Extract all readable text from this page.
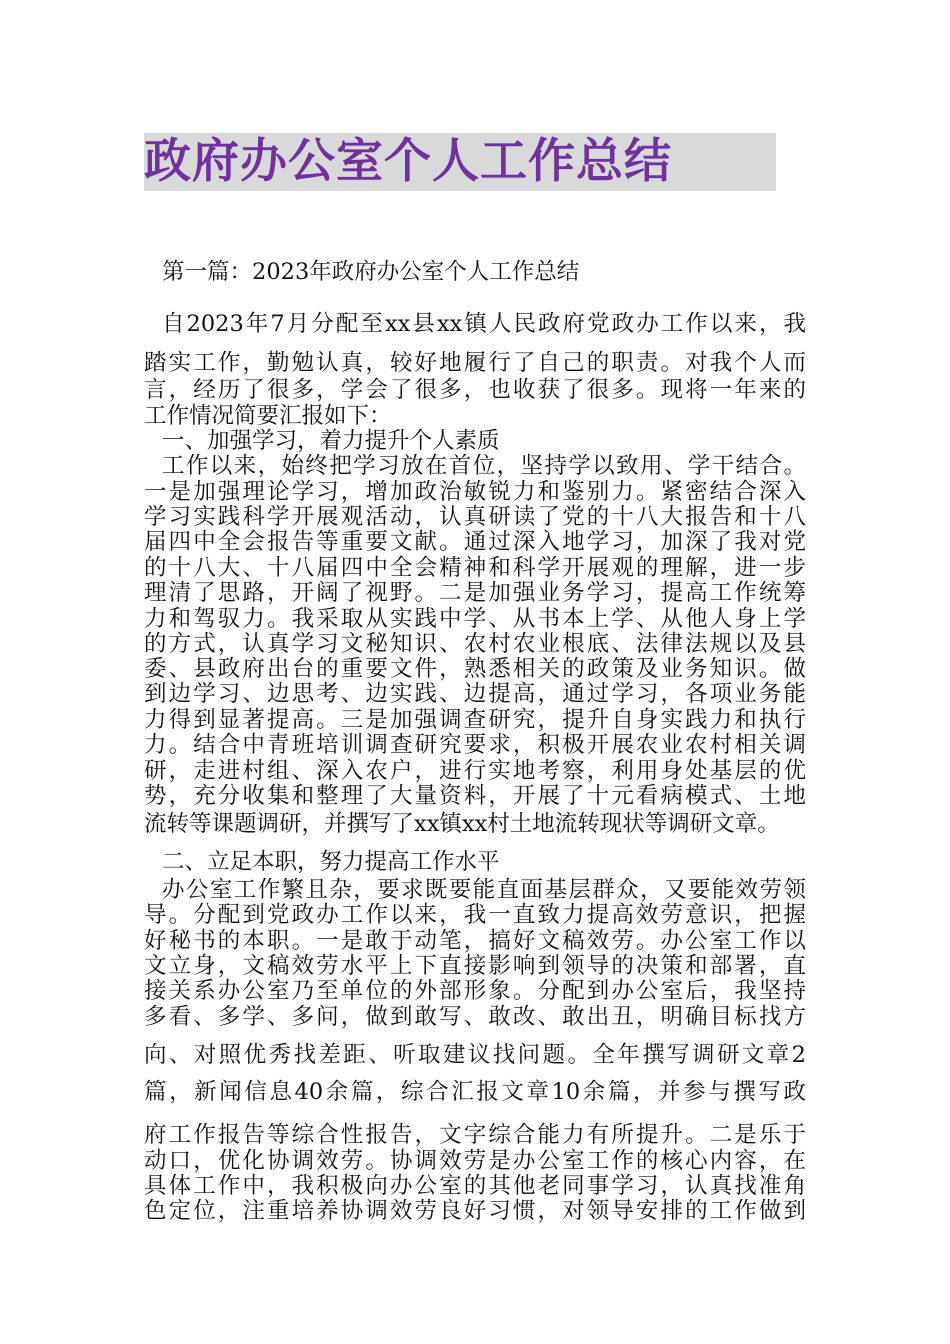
政府办公室个人工作总结
第一篇：2023年政府办公室个人工作总结
自2023年7月分配至xx县xx镇人民政府党政办工作以来，我
踏实工作，勤勉认真，较好地履行了自己的职责。对我个人而
言，经历了很多，学会了很多，也收获了很多。现将一年来的
工作情况简要汇报如下：
一、加强学习，着力提升个人素质
工作以来，始终把学习放在首位，坚持学以致用、学干结合。
一是加强理论学习，增加政治敏锐力和鉴别力。紧密结合深入
学习实践科学开展观活动，认真研读了党的十八大报告和十八
届四中全会报告等重要文献。通过深入地学习，加深了我对党
的十八大、十八届四中全会精神和科学开展观的理解，进一步
理清了思路，开阔了视野。二是加强业务学习，提高工作统筹
力和驾驭力。我采取从实践中学、从书本上学、从他人身上学
的方式，认真学习文秘知识、农村农业根底、法律法规以及县
委、县政府出台的重要文件，熟悉相关的政策及业务知识。做
到边学习、边思考、边实践、边提高，通过学习，各项业务能
力得到显著提高。三是加强调查研究，提升自身实践力和执行
力。结合中青班培训调查研究要求，积极开展农业农村相关调
研，走进村组、深入农户，进行实地考察，利用身处基层的优
势，充分收集和整理了大量资料，开展了十元看病模式、土地
流转等课题调研，并撰写了xx镇xx村土地流转现状等调研文章。
二、立足本职，努力提高工作水平
办公室工作繁且杂，要求既要能直面基层群众，又要能效劳领
导。分配到党政办工作以来，我一直致力提高效劳意识，把握
好秘书的本职。一是敢于动笔，搞好文稿效劳。办公室工作以
文立身，文稿效劳水平上下直接影响到领导的决策和部署，直
接关系办公室乃至单位的外部形象。分配到办公室后，我坚持
多看、多学、多问，做到敢写、敢改、敢出丑，明确目标找方
向、对照优秀找差距、听取建议找问题。全年撰写调研文章2
篇，新闻信息40余篇，综合汇报文章10余篇，并参与撰写政
府工作报告等综合性报告，文字综合能力有所提升。二是乐于
动口，优化协调效劳。协调效劳是办公室工作的核心内容，在
具体工作中，我积极向办公室的其他老同事学习，认真找准角
色定位，注重培养协调效劳良好习惯，对领导安排的工作做到
